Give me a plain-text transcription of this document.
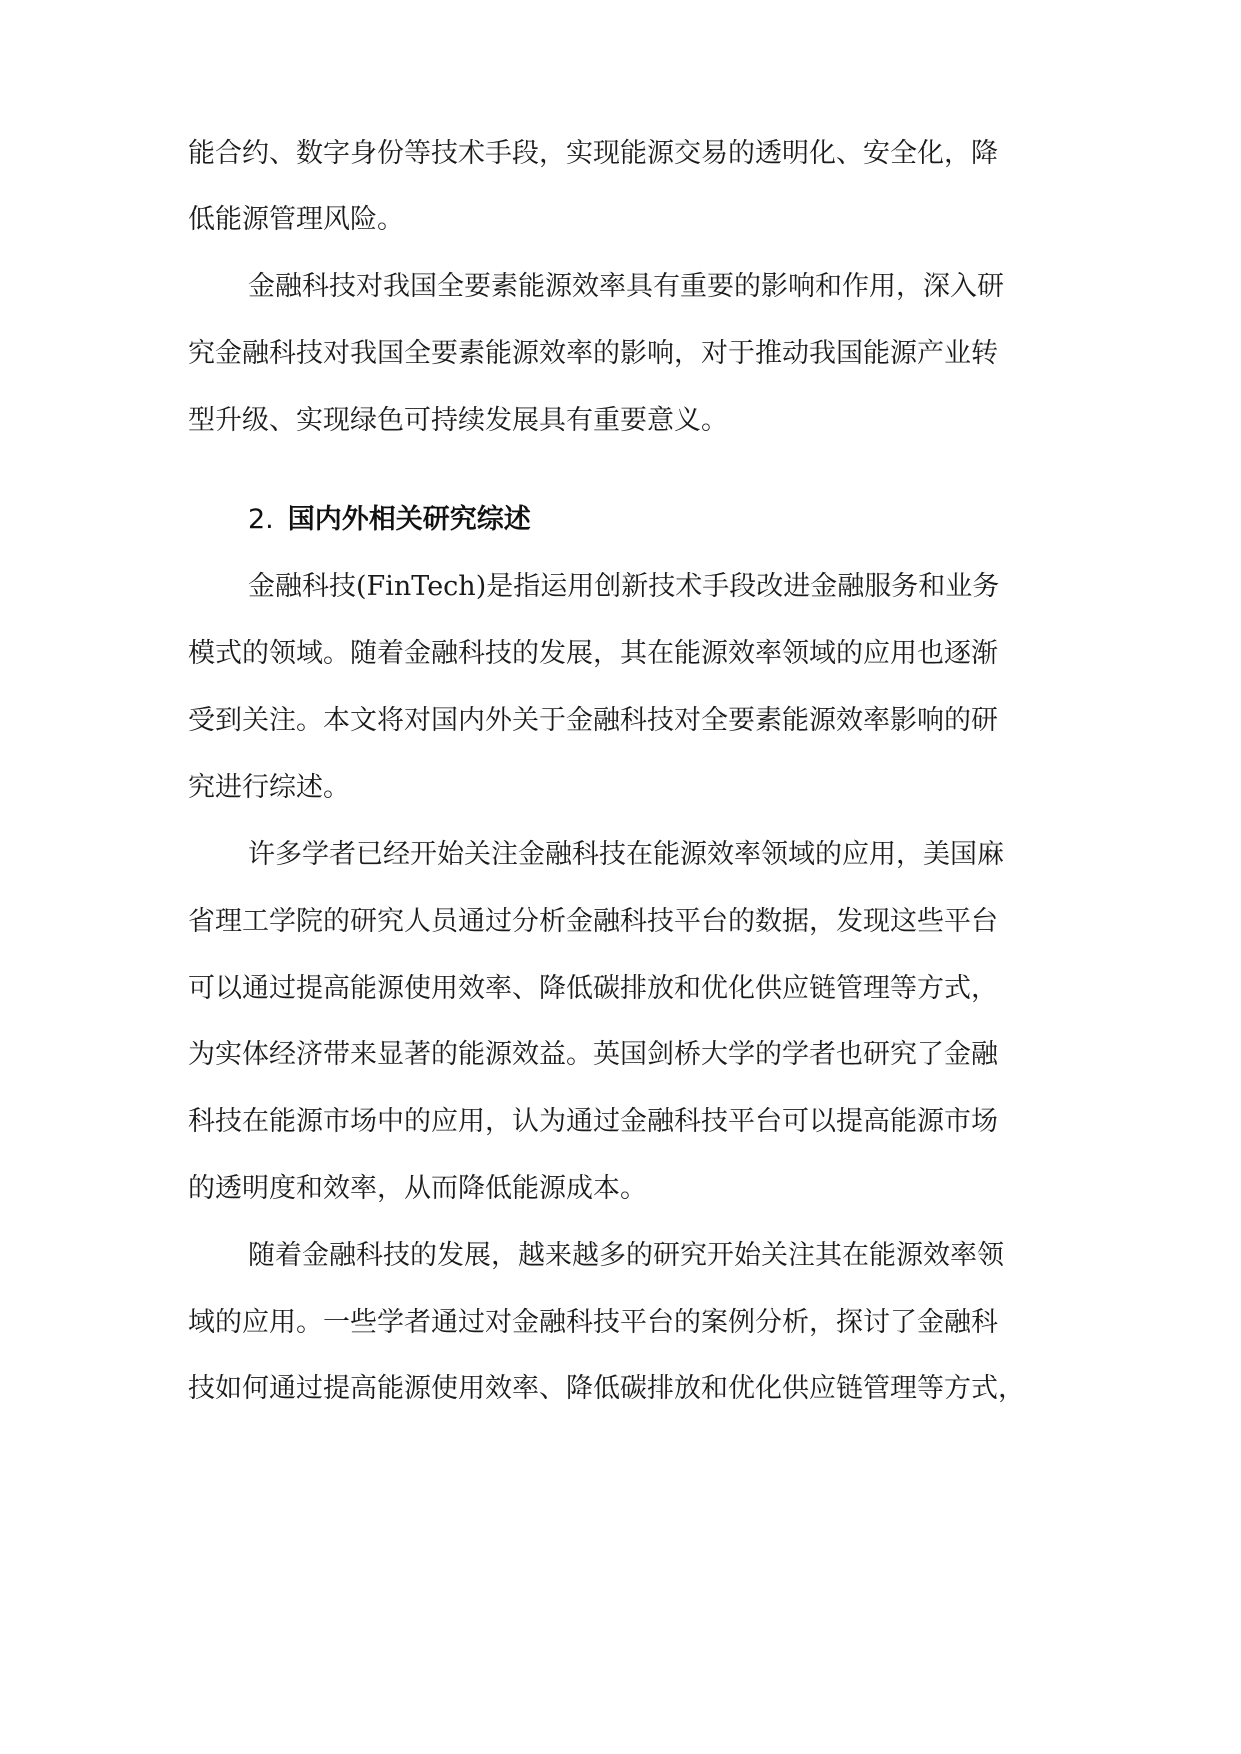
能合约、数字身份等技术手段，实现能源交易的透明化、安全化，降
低能源管理风险。
金融科技对我国全要素能源效率具有重要的影响和作用，深入研
究金融科技对我国全要素能源效率的影响，对于推动我国能源产业转
型升级、实现绿色可持续发展具有重要意义。
2. 国内外相关研究综述
金融科技(FinTech)是指运用创新技术手段改进金融服务和业务
模式的领域。随着金融科技的发展，其在能源效率领域的应用也逐渐
受到关注。本文将对国内外关于金融科技对全要素能源效率影响的研
究进行综述。
许多学者已经开始关注金融科技在能源效率领域的应用，美国麻
省理工学院的研究人员通过分析金融科技平台的数据，发现这些平台
可以通过提高能源使用效率、降低碳排放和优化供应链管理等方式，
为实体经济带来显著的能源效益。英国剑桥大学的学者也研究了金融
科技在能源市场中的应用，认为通过金融科技平台可以提高能源市场
的透明度和效率，从而降低能源成本。
随着金融科技的发展，越来越多的研究开始关注其在能源效率领
域的应用。一些学者通过对金融科技平台的案例分析，探讨了金融科
技如何通过提高能源使用效率、降低碳排放和优化供应链管理等方式，
